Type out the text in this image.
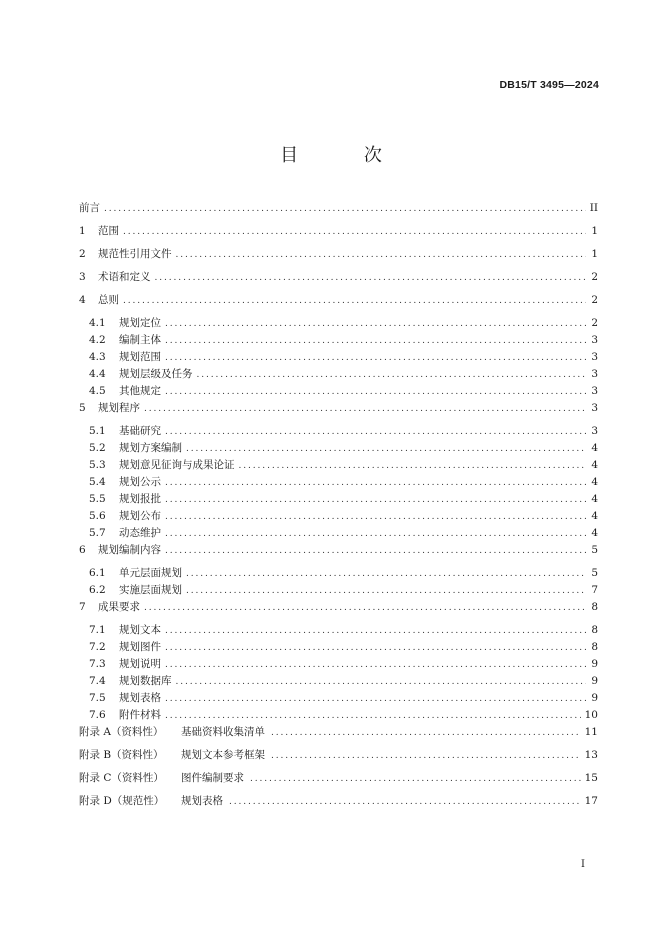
DB15/T 3495—2024
目 次
前言 .....	II
1	范围 .....	1
2	规范性引用文件 .....	1
3	术语和定义 .....	2
4	总则 .....	2
4.1	规划定位 .....	2
4.2	编制主体 .....	3
4.3	规划范围 .....	3
4.4	规划层级及任务 .....	3
4.5	其他规定 .....	3
5	规划程序 .....	3
5.1	基础研究 .....	3
5.2	规划方案编制 .....	4
5.3	规划意见征询与成果论证 .....	4
5.4	规划公示 .....	4
5.5	规划报批 .....	4
5.6	规划公布 .....	4
5.7	动态维护 .....	4
6	规划编制内容 .....	5
6.1	单元层面规划 .....	5
6.2	实施层面规划 .....	7
7	成果要求 .....	8
7.1	规划文本 .....	8
7.2	规划图件 .....	8
7.3	规划说明 .....	9
7.4	规划数据库 .....	9
7.5	规划表格 .....	9
7.6	附件材料 .....	10
附录 A（资料性）	基础资料收集清单 .....	11
附录 B（资料性）	规划文本参考框架 .....	13
附录 C（资料性）	图件编制要求 .....	15
附录 D（规范性）	规划表格 .....	17
I
